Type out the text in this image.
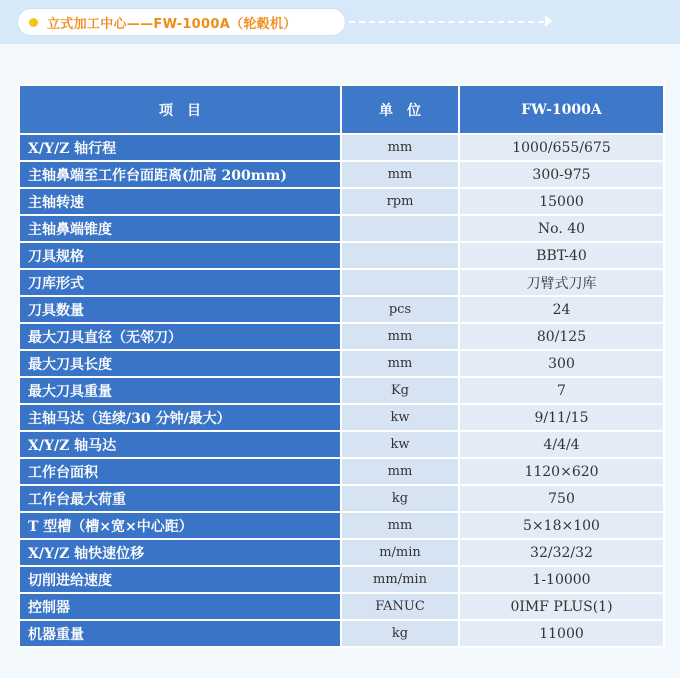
立式加工中心——FW-1000A（轮毂机）
项　目	单　位	FW-1000A
X/Y/Z 轴行程	mm	1000/655/675
主轴鼻端至工作台面距离(加高 200mm)	mm	300-975
主轴转速	rpm	15000
主轴鼻端锥度		No. 40
刀具规格		BBT-40
刀库形式		刀臂式刀库
刀具数量	pcs	24
最大刀具直径（无邻刀）	mm	80/125
最大刀具长度	mm	300
最大刀具重量	Kg	7
主轴马达（连续/30 分钟/最大）	kw	9/11/15
X/Y/Z 轴马达	kw	4/4/4
工作台面积	mm	1120×620
工作台最大荷重	kg	750
T 型槽（槽×宽×中心距）	mm	5×18×100
X/Y/Z 轴快速位移	m/min	32/32/32
切削进给速度	mm/min	1-10000
控制器	FANUC	0IMF PLUS(1)
机器重量	kg	11000
